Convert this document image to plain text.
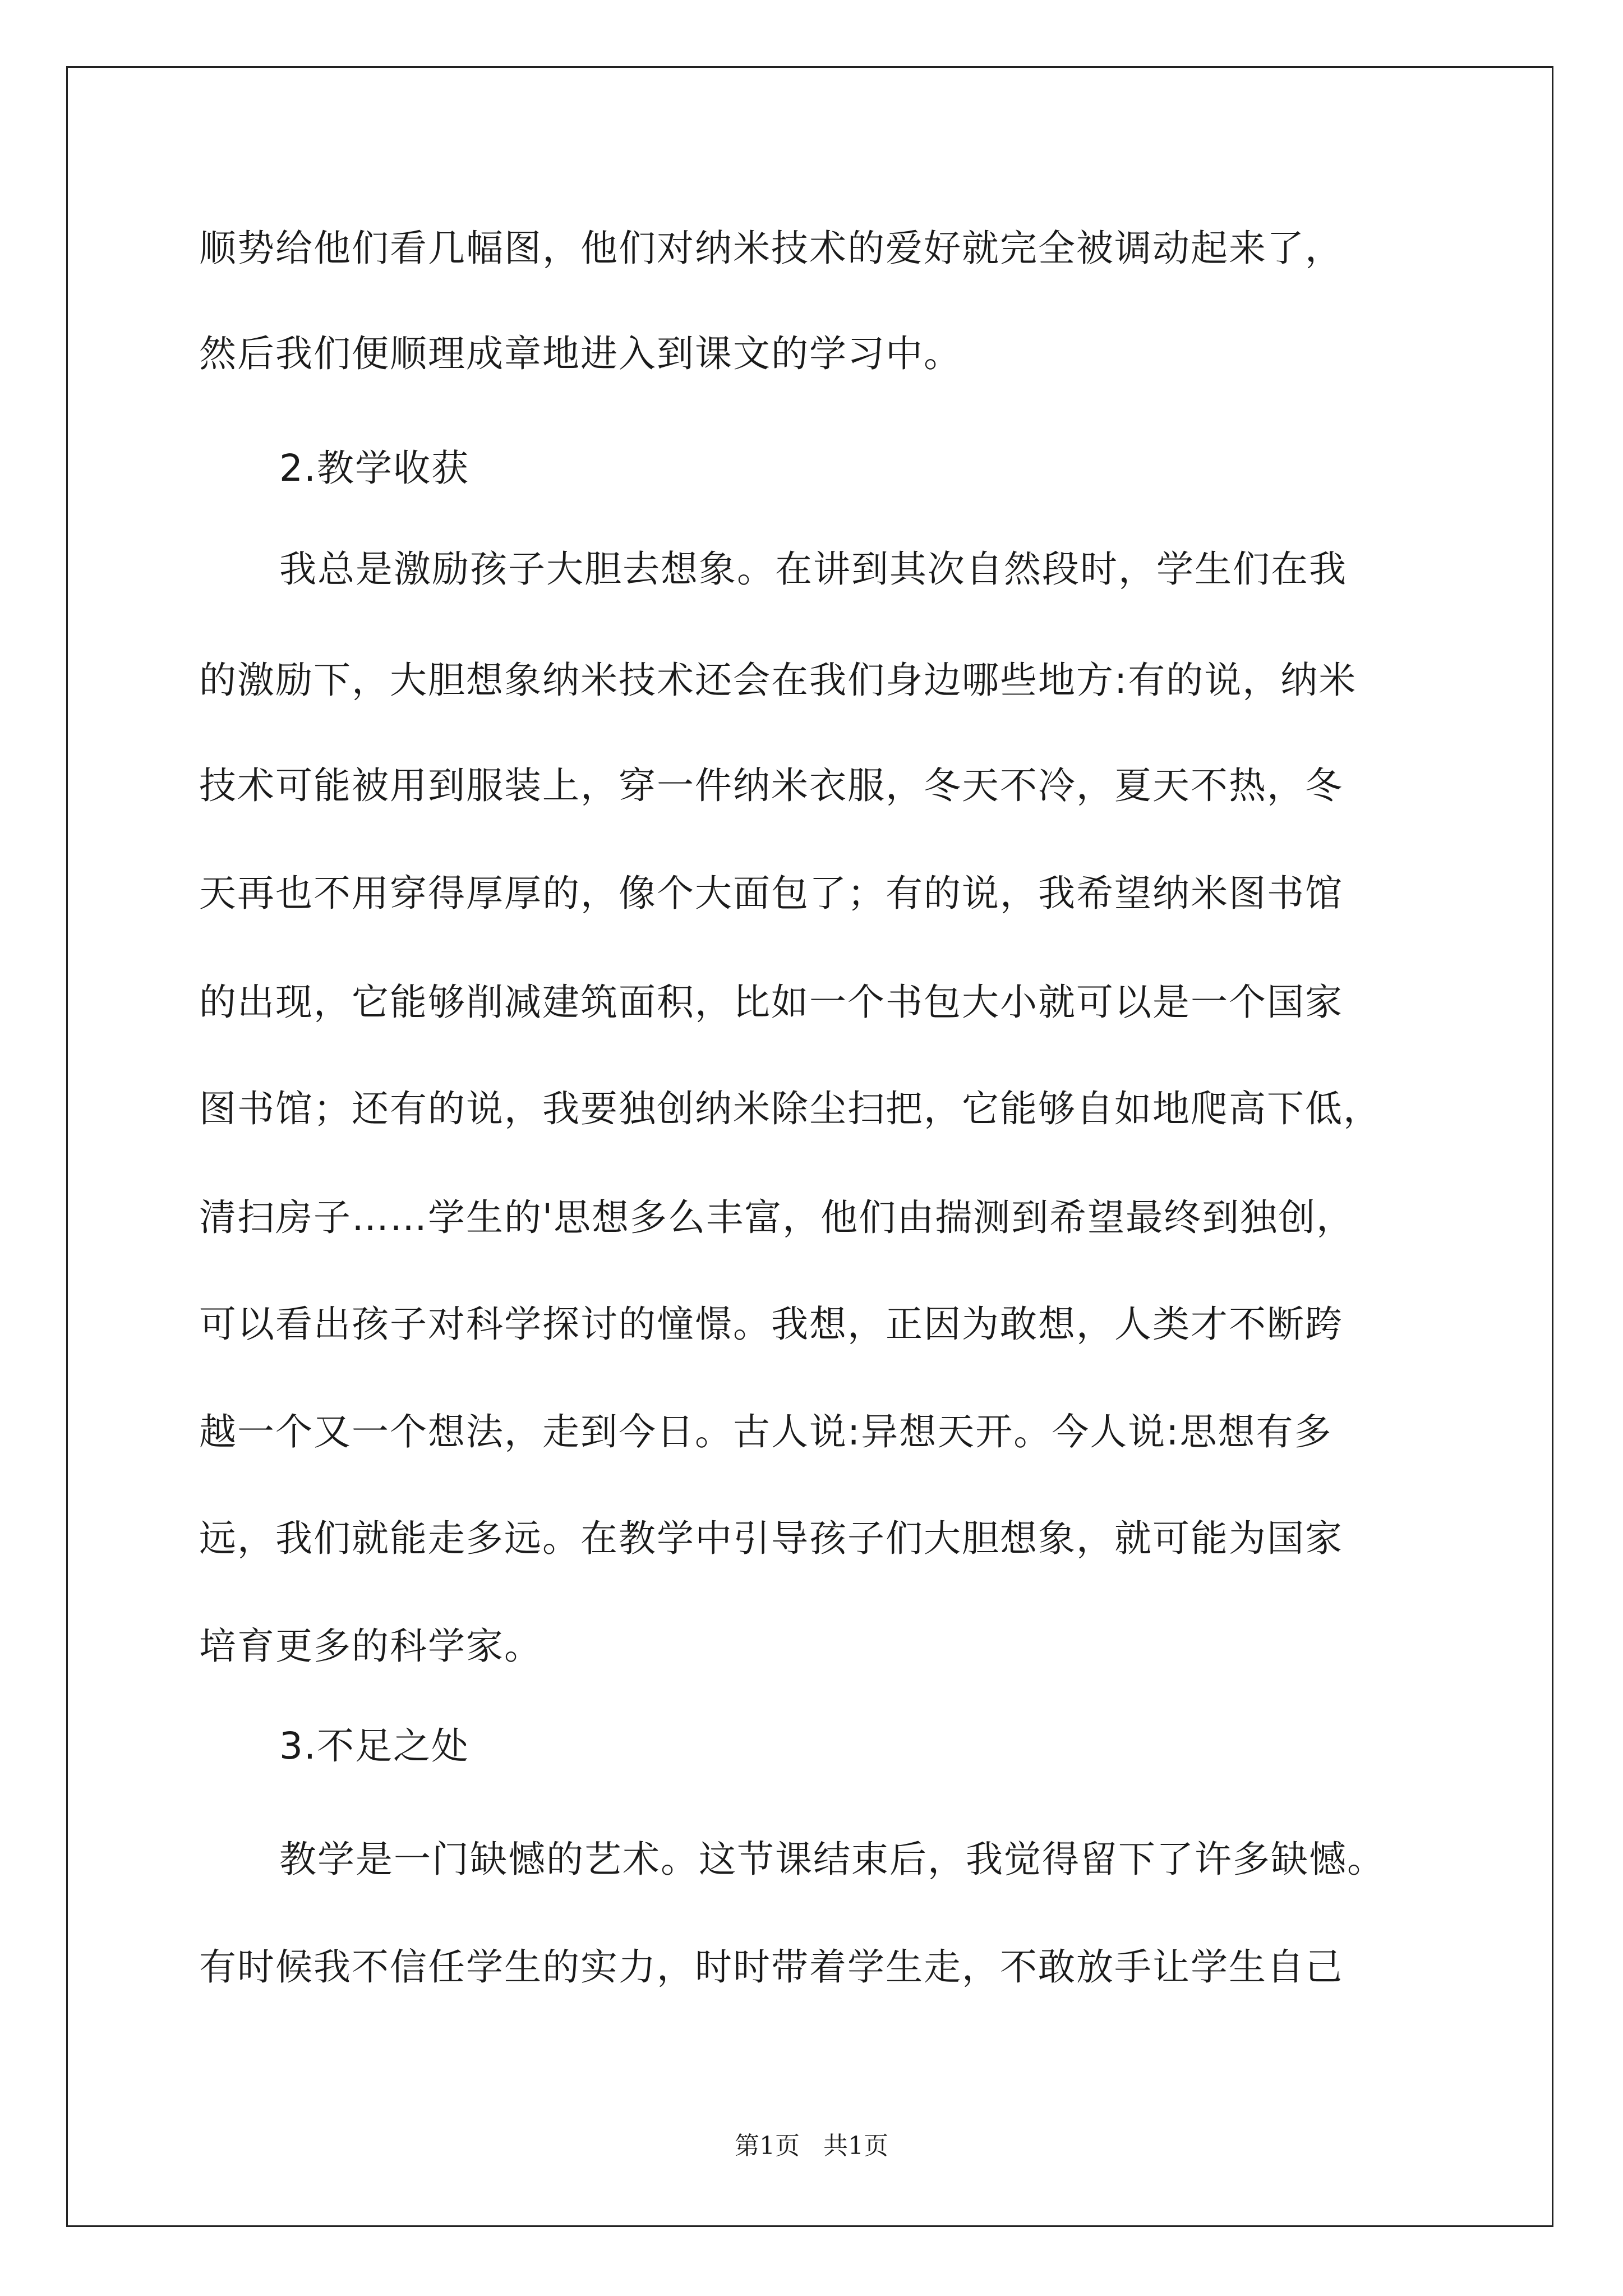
顺势给他们看几幅图，他们对纳米技术的爱好就完全被调动起来了，
然后我们便顺理成章地进入到课文的学习中。
2.教学收获
我总是激励孩子大胆去想象。在讲到其次自然段时，学生们在我
的激励下，大胆想象纳米技术还会在我们身边哪些地方:有的说，纳米
技术可能被用到服装上，穿一件纳米衣服，冬天不冷，夏天不热，冬
天再也不用穿得厚厚的，像个大面包了；有的说，我希望纳米图书馆
的出现，它能够削减建筑面积，比如一个书包大小就可以是一个国家
图书馆；还有的说，我要独创纳米除尘扫把，它能够自如地爬高下低，
清扫房子……学生的'思想多么丰富，他们由揣测到希望最终到独创，
可以看出孩子对科学探讨的憧憬。我想，正因为敢想，人类才不断跨
越一个又一个想法，走到今日。古人说:异想天开。今人说:思想有多
远，我们就能走多远。在教学中引导孩子们大胆想象，就可能为国家
培育更多的科学家。
3.不足之处
教学是一门缺憾的艺术。这节课结束后，我觉得留下了许多缺憾。
有时候我不信任学生的实力，时时带着学生走，不敢放手让学生自己
第1页 共1页
